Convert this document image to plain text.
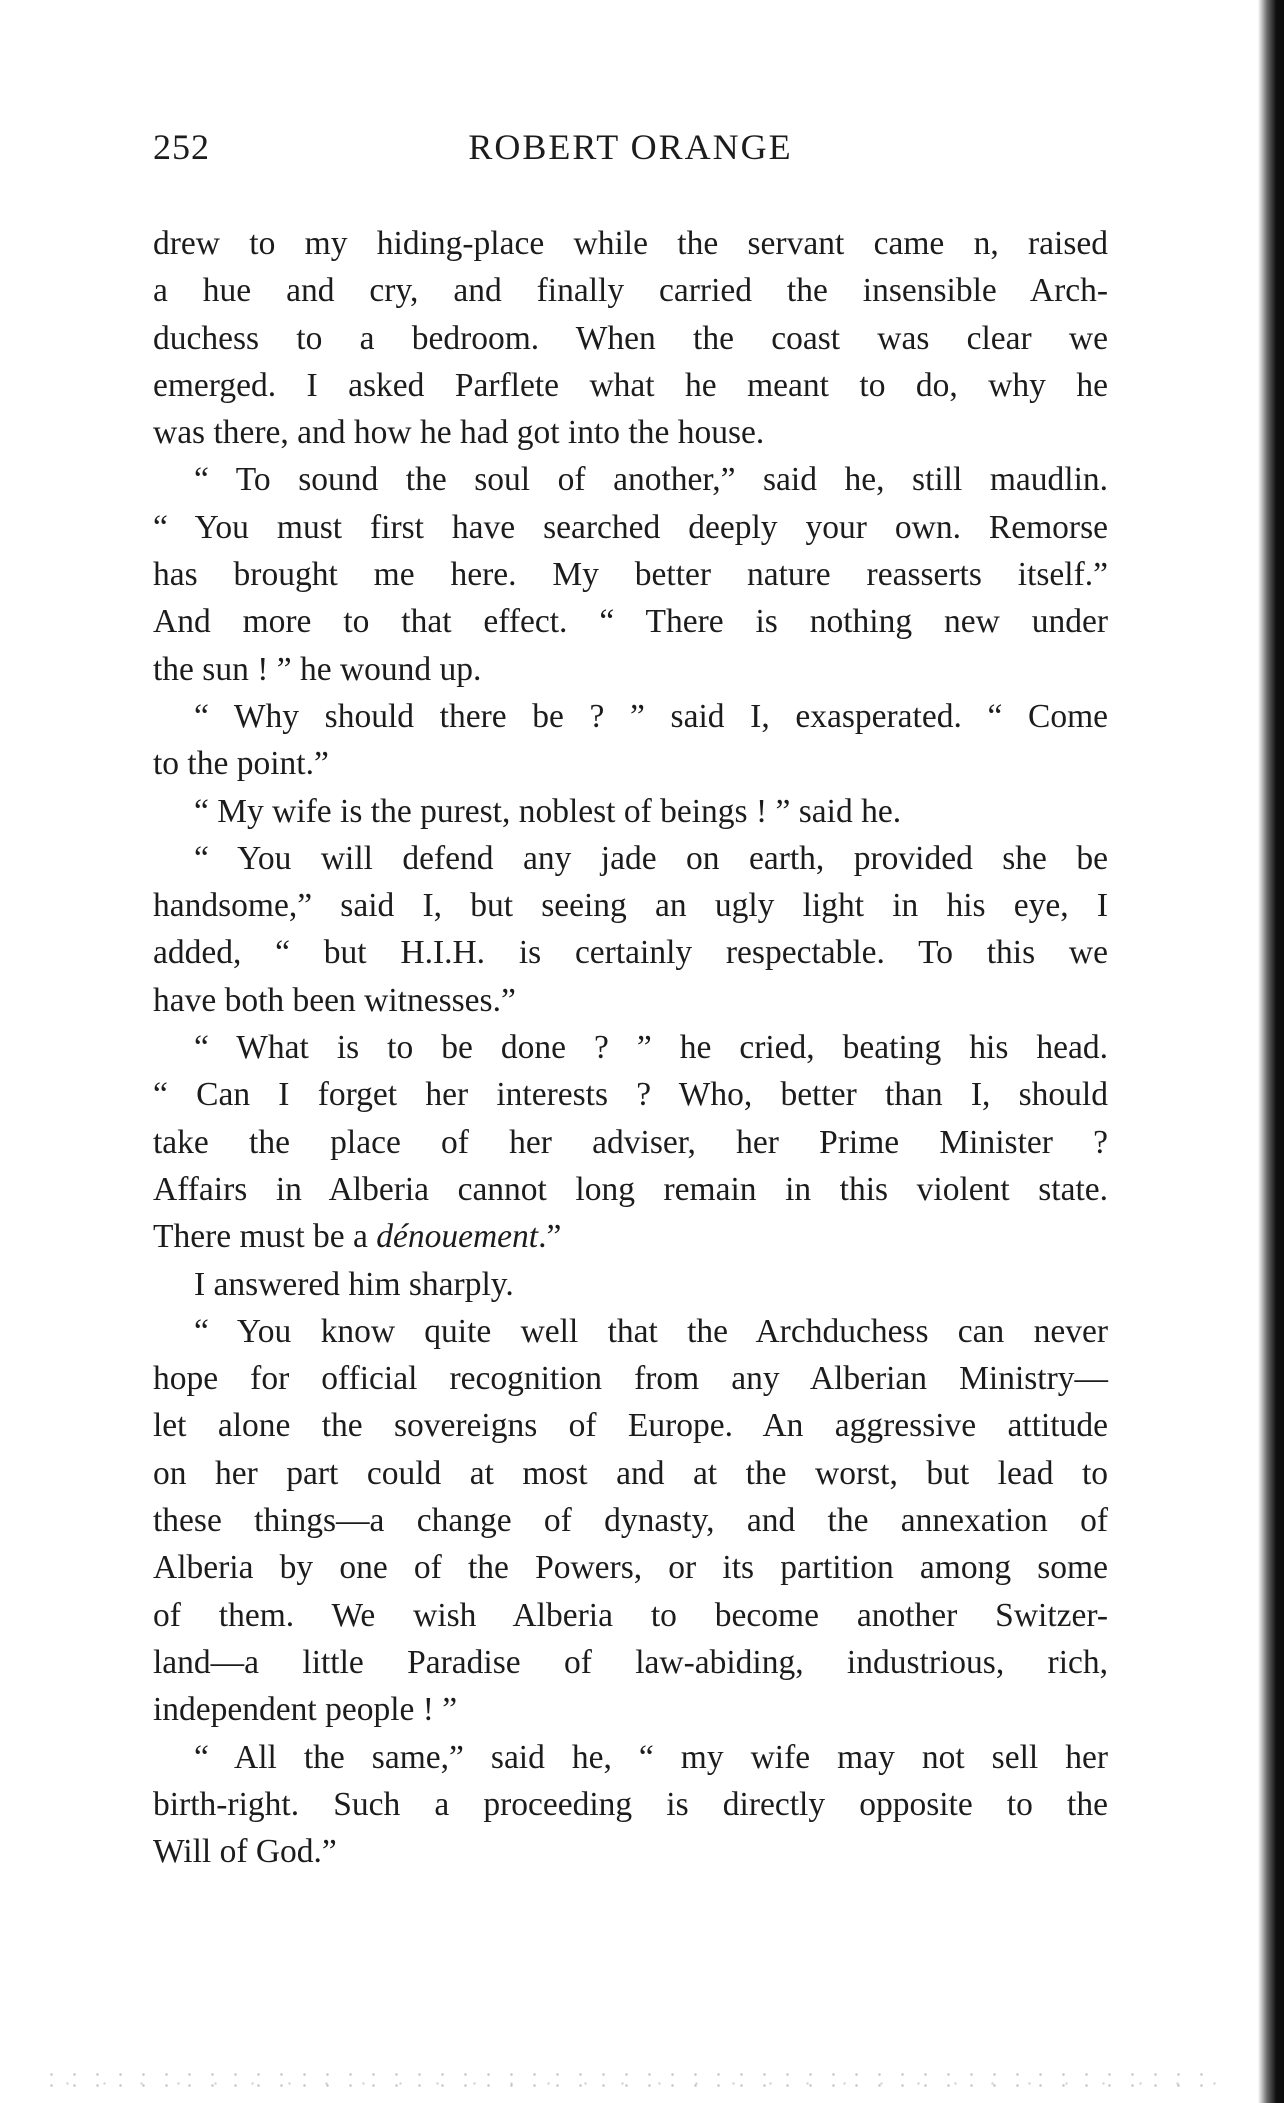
252	ROBERT ORANGE
drew to my hiding-place while the servant came n, raised
a hue and cry, and finally carried the insensible Arch-
duchess to a bedroom. When the coast was clear we
emerged. I asked Parflete what he meant to do, why he
was there, and how he had got into the house.
“ To sound the soul of another,” said he, still maudlin.
“ You must first have searched deeply your own. Remorse
has brought me here. My better nature reasserts itself.”
And more to that effect. “ There is nothing new under
the sun ! ” he wound up.
“ Why should there be ? ” said I, exasperated. “ Come
to the point.”
“ My wife is the purest, noblest of beings ! ” said he.
“ You will defend any jade on earth, provided she be
handsome,” said I, but seeing an ugly light in his eye, I
added, “ but H.I.H. is certainly respectable. To this we
have both been witnesses.”
“ What is to be done ? ” he cried, beating his head.
“ Can I forget her interests ? Who, better than I, should
take the place of her adviser, her Prime Minister ?
Affairs in Alberia cannot long remain in this violent state.
There must be a dénouement.”
I answered him sharply.
“ You know quite well that the Archduchess can never
hope for official recognition from any Alberian Ministry—
let alone the sovereigns of Europe. An aggressive attitude
on her part could at most and at the worst, but lead to
these things—a change of dynasty, and the annexation of
Alberia by one of the Powers, or its partition among some
of them. We wish Alberia to become another Switzer-
land—a little Paradise of law-abiding, industrious, rich,
independent people ! ”
“ All the same,” said he, “ my wife may not sell her
birth-right. Such a proceeding is directly opposite to the
Will of God.”
